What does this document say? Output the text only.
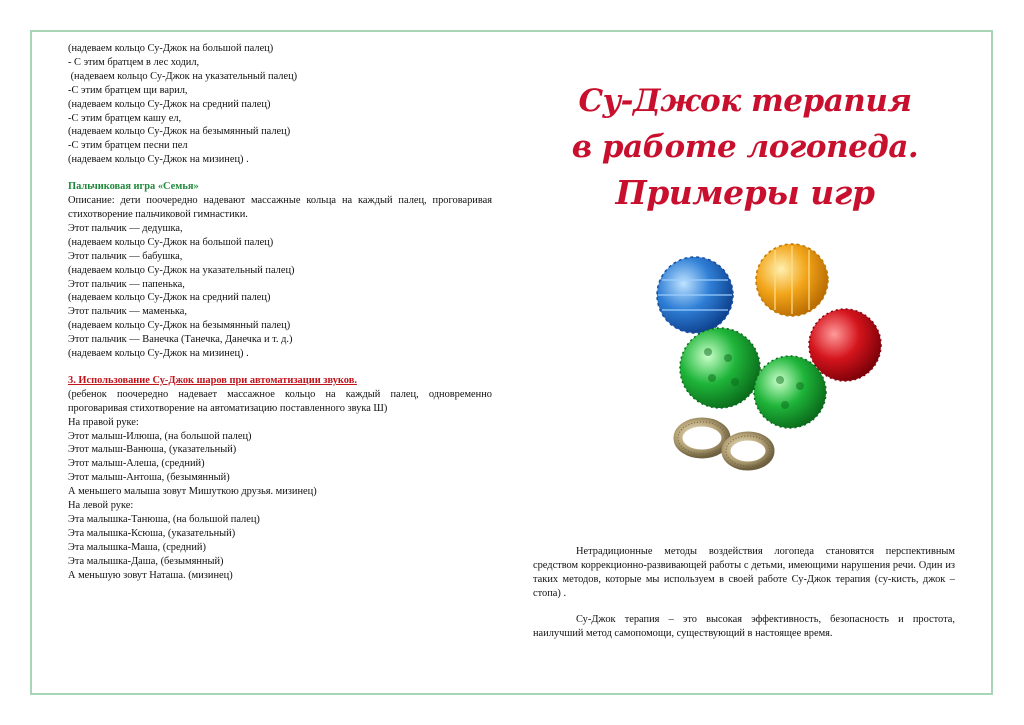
(надеваем кольцо Су-Джок на большой палец)
- С этим братцем в лес ходил,
(надеваем кольцо Су-Джок на указательный палец)
-С этим братцем щи варил,
(надеваем кольцо Су-Джок на средний палец)
-С этим братцем кашу ел,
(надеваем кольцо Су-Джок на безымянный палец)
-С этим братцем песни пел
(надеваем кольцо Су-Джок на мизинец) .
Пальчиковая игра «Семья»
Описание: дети поочередно надевают массажные кольца на каждый палец, проговаривая стихотворение пальчиковой гимнастики.
Этот пальчик — дедушка,
(надеваем кольцо Су-Джок на большой палец)
Этот пальчик — бабушка,
(надеваем кольцо Су-Джок на указательный палец)
Этот пальчик — папенька,
(надеваем кольцо Су-Джок на средний палец)
Этот пальчик — маменька,
(надеваем кольцо Су-Джок на безымянный палец)
Этот пальчик — Ванечка (Танечка, Данечка и т. д.)
(надеваем кольцо Су-Джок на мизинец) .
3. Использование Су-Джок шаров при автоматизации звуков.
(ребенок поочередно надевает массажное кольцо на каждый палец, одновременно проговаривая стихотворение на автоматизацию поставленного звука Ш)
На правой руке:
Этот малыш-Илюша, (на большой палец)
Этот малыш-Ванюша, (указательный)
Этот малыш-Алеша, (средний)
Этот малыш-Антоша, (безымянный)
А меньшего малыша зовут Мишуткою друзья. мизинец)
На левой руке:
Эта малышка-Танюша, (на большой палец)
Эта малышка-Ксюша, (указательный)
Эта малышка-Маша, (средний)
Эта малышка-Даша, (безымянный)
А меньшую зовут Наташа. (мизинец)
Су-Джок терапия
в работе логопеда.
Примеры игр

Нетрадиционные методы воздействия логопеда становятся перспективным средством коррекционно-развивающей работы с детьми, имеющими нарушения речи. Один из таких методов, которые мы используем в своей работе Су-Джок терапия (су-кисть, джок – стопа) .

Су-Джок терапия – это высокая эффективность, безопасность и простота, наилучший метод самопомощи, существующий в настоящее время.
